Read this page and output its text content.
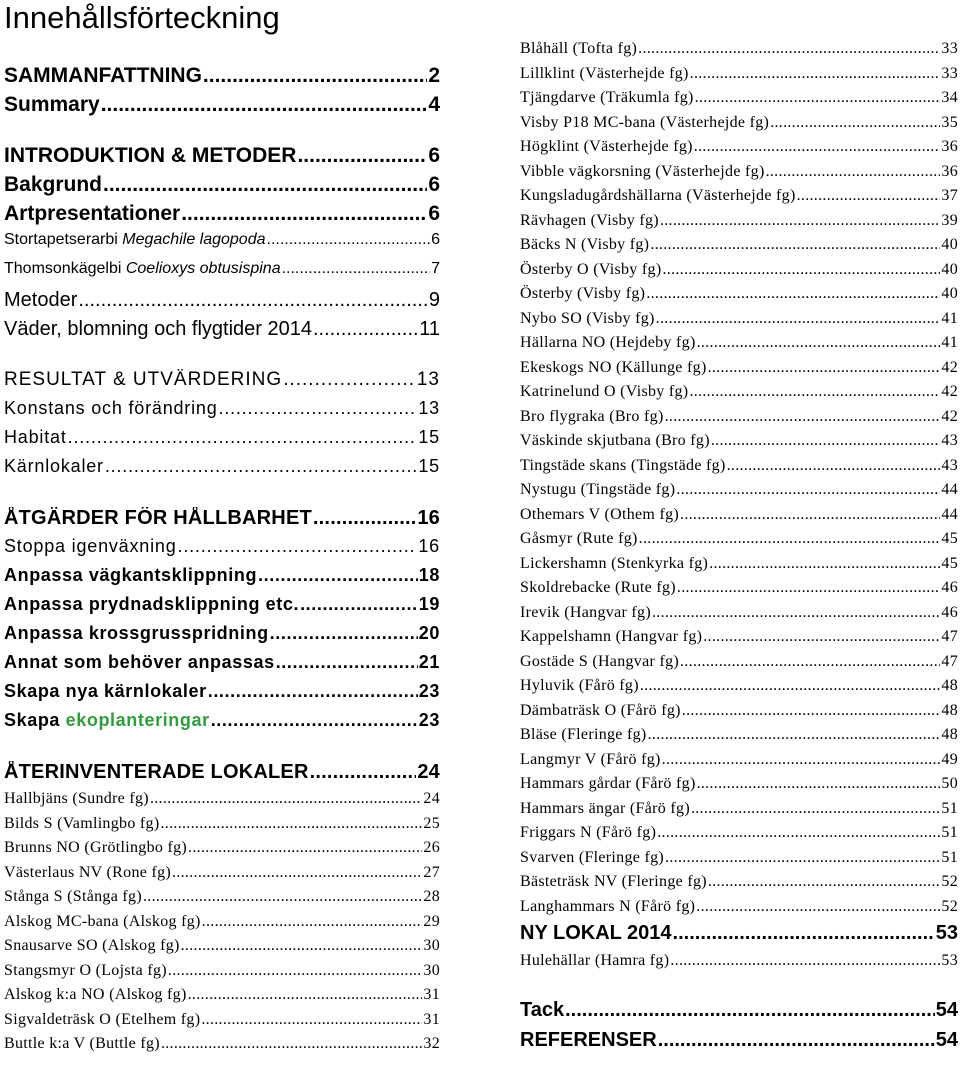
Innehållsförteckning
SAMMANFATTNING .....	2
Summary .....	4
INTRODUKTION & METODER .....	6
Bakgrund .....	6
Artpresentationer .....	6
Stortapetserarbi Megachile lagopoda .....	6
Thomsonkägelbi Coelioxys obtusispina .....	7
Metoder .....	9
Väder, blomning och flygtider 2014 .....	11
RESULTAT & UTVÄRDERING .....	13
Konstans och förändring .....	13
Habitat .....	15
Kärnlokaler .....	15
ÅTGÄRDER FÖR HÅLLBARHET .....	16
Stoppa igenväxning .....	16
Anpassa vägkantsklippning .....	18
Anpassa prydnadsklippning etc. .....	19
Anpassa krossgrusspridning .....	20
Annat som behöver anpassas .....	21
Skapa nya kärnlokaler .....	23
Skapa ekoplanteringar .....	23
ÅTERINVENTERADE LOKALER .....	24
Hallbjäns (Sundre fg) .....	24
Bilds S (Vamlingbo fg) .....	25
Brunns NO (Grötlingbo fg) .....	26
Västerlaus NV (Rone fg) .....	27
Stånga S (Stånga fg) .....	28
Alskog MC-bana (Alskog fg) .....	29
Snausarve SO (Alskog fg) .....	30
Stangsmyr O (Lojsta fg) .....	30
Alskog k:a NO (Alskog fg) .....	31
Sigvaldeträsk O (Etelhem fg) .....	31
Buttle k:a V (Buttle fg) .....	32
Blåhäll (Tofta fg) .....	33
Lillklint (Västerhejde fg) .....	33
Tjängdarve (Träkumla fg) .....	34
Visby P18 MC-bana (Västerhejde fg) .....	35
Högklint (Västerhejde fg) .....	36
Vibble vägkorsning (Västerhejde fg) .....	36
Kungsladugårdshällarna (Västerhejde fg) .....	37
Rävhagen (Visby fg) .....	39
Bäcks N (Visby fg) .....	40
Österby O (Visby fg) .....	40
Österby (Visby fg) .....	40
Nybo SO (Visby fg) .....	41
Hällarna NO (Hejdeby fg) .....	41
Ekeskogs NO (Källunge fg) .....	42
Katrinelund O (Visby fg) .....	42
Bro flygraka (Bro fg) .....	42
Väskinde skjutbana (Bro fg) .....	43
Tingstäde skans (Tingstäde fg) .....	43
Nystugu (Tingstäde fg) .....	44
Othemars V (Othem fg) .....	44
Gåsmyr (Rute fg) .....	45
Lickershamn (Stenkyrka fg) .....	45
Skoldrebacke (Rute fg) .....	46
Irevik (Hangvar fg) .....	46
Kappelshamn (Hangvar fg) .....	47
Gostäde S (Hangvar fg) .....	47
Hyluvik (Fårö fg) .....	48
Dämbaträsk O (Fårö fg) .....	48
Bläse (Fleringe fg) .....	48
Langmyr V (Fårö fg) .....	49
Hammars gårdar (Fårö fg) .....	50
Hammars ängar (Fårö fg) .....	51
Friggars N (Fårö fg) .....	51
Svarven (Fleringe fg) .....	51
Bästeträsk NV (Fleringe fg) .....	52
Langhammars N (Fårö fg) .....	52
NY LOKAL 2014 .....	53
Hulehällar (Hamra fg) .....	53
Tack .....	54
REFERENSER .....	54
